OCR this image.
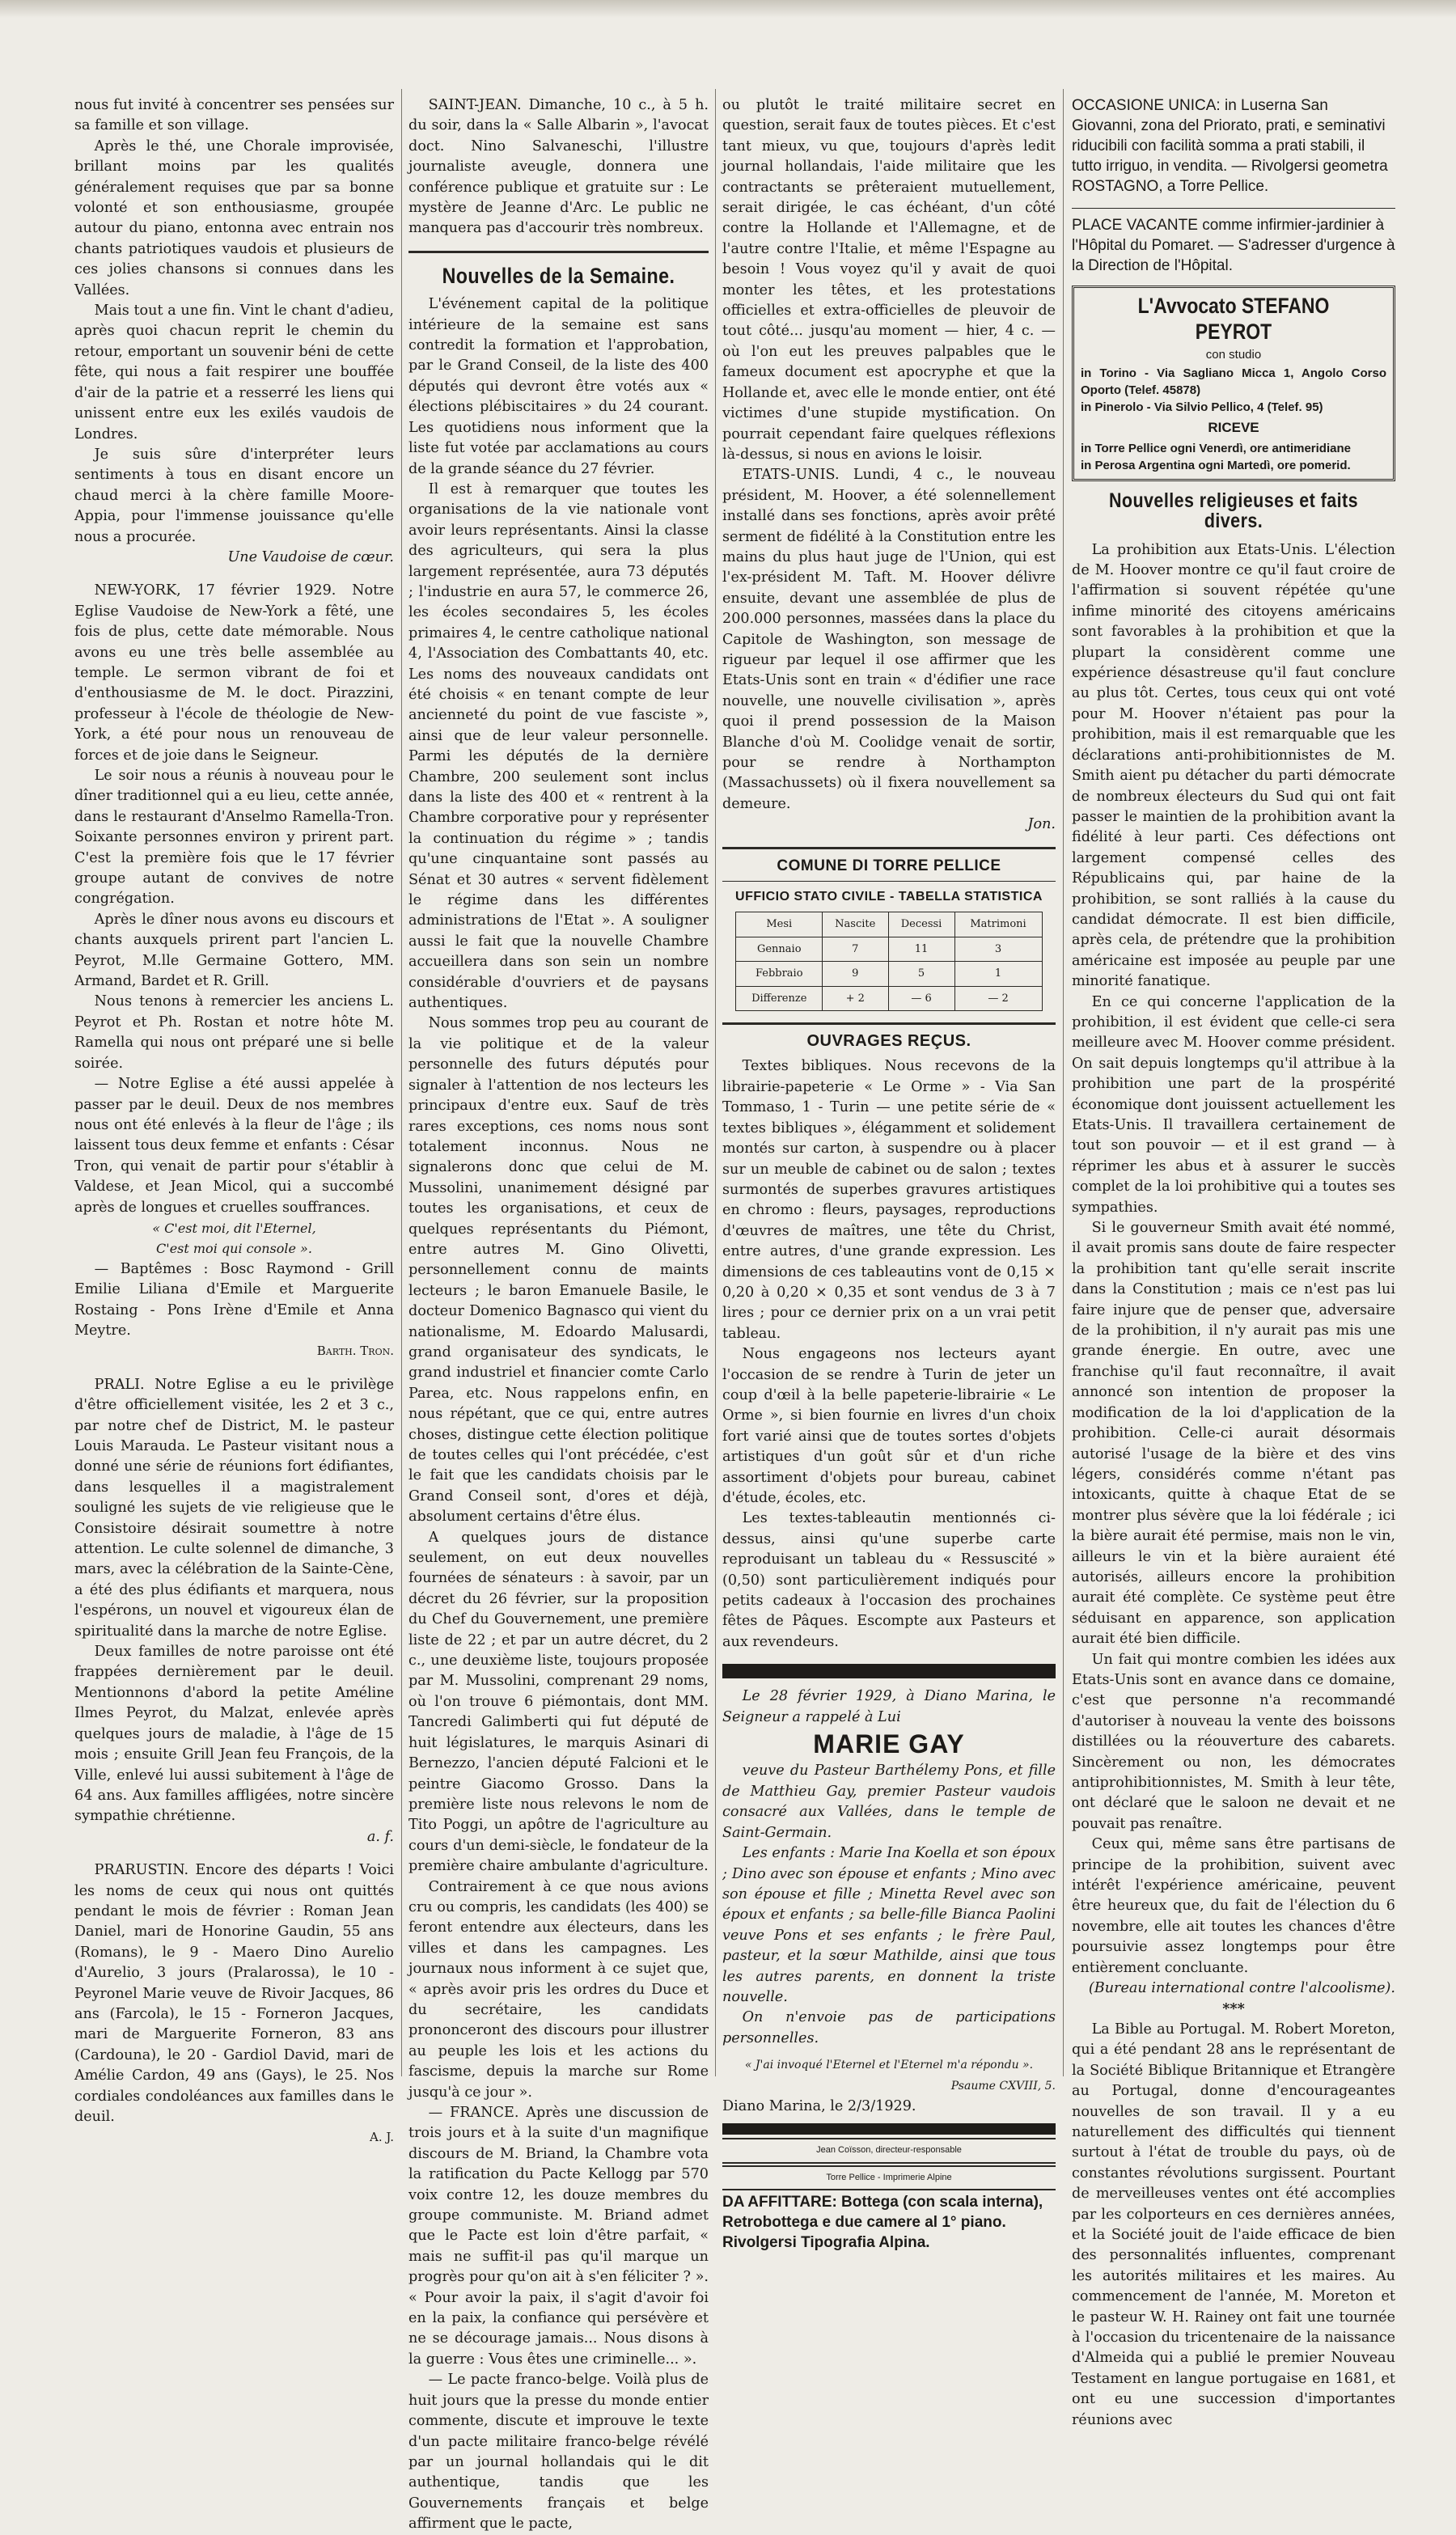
nous fut invité à concentrer ses pensées sur sa famille et son village.

Après le thé, une Chorale improvisée, brillant moins par les qualités généralement requises que par sa bonne volonté et son enthousiasme, groupée autour du piano, entonna avec entrain nos chants patriotiques vaudois et plusieurs de ces jolies chansons si connues dans les Vallées.

Mais tout a une fin. Vint le chant d'adieu, après quoi chacun reprit le chemin du retour, emportant un souvenir béni de cette fête, qui nous a fait respirer une bouffée d'air de la patrie et a resserré les liens qui unissent entre eux les exilés vaudois de Londres.

Je suis sûre d'interpréter leurs sentiments à tous en disant encore un chaud merci à la chère famille Moore-Appia, pour l'immense jouissance qu'elle nous a procurée.

Une Vaudoise de cœur.

NEW-YORK, 17 février 1929. Notre Eglise Vaudoise de New-York a fêté, une fois de plus, cette date mémorable. Nous avons eu une très belle assemblée au temple. Le sermon vibrant de foi et d'enthousiasme de M. le doct. Pirazzini, professeur à l'école de théologie de New-York, a été pour nous un renouveau de forces et de joie dans le Seigneur.

Le soir nous a réunis à nouveau pour le dîner traditionnel qui a eu lieu, cette année, dans le restaurant d'Anselmo Ramella-Tron. Soixante personnes environ y prirent part. C'est la première fois que le 17 février groupe autant de convives de notre congrégation.

Après le dîner nous avons eu discours et chants auxquels prirent part l'ancien L. Peyrot, M.lle Germaine Gottero, MM. Armand, Bardet et R. Grill.

Nous tenons à remercier les anciens L. Peyrot et Ph. Rostan et notre hôte M. Ramella qui nous ont préparé une si belle soirée.

— Notre Eglise a été aussi appelée à passer par le deuil. Deux de nos membres nous ont été enlevés à la fleur de l'âge ; ils laissent tous deux femme et enfants : César Tron, qui venait de partir pour s'établir à Valdese, et Jean Micol, qui a succombé après de longues et cruelles souffrances.

« C'est moi, dit l'Eternel,

C'est moi qui console ».

— Baptêmes : Bosc Raymond - Grill Emilie Liliana d'Emile et Marguerite Rostaing - Pons Irène d'Emile et Anna Meytre.

Barth. Tron.

PRALI. Notre Eglise a eu le privilège d'être officiellement visitée, les 2 et 3 c., par notre chef de District, M. le pasteur Louis Marauda. Le Pasteur visitant nous a donné une série de réunions fort édifiantes, dans lesquelles il a magistralement souligné les sujets de vie religieuse que le Consistoire désirait soumettre à notre attention. Le culte solennel de dimanche, 3 mars, avec la célébration de la Sainte-Cène, a été des plus édifiants et marquera, nous l'espérons, un nouvel et vigoureux élan de spiritualité dans la marche de notre Eglise.

Deux familles de notre paroisse ont été frappées dernièrement par le deuil. Mentionnons d'abord la petite Améline Ilmes Peyrot, du Malzat, enlevée après quelques jours de maladie, à l'âge de 15 mois ; ensuite Grill Jean feu François, de la Ville, enlevé lui aussi subitement à l'âge de 64 ans. Aux familles affligées, notre sincère sympathie chrétienne.

a. f.

PRARUSTIN. Encore des départs ! Voici les noms de ceux qui nous ont quittés pendant le mois de février : Roman Jean Daniel, mari de Honorine Gaudin, 55 ans (Romans), le 9 - Maero Dino Aurelio d'Aurelio, 3 jours (Pralarossa), le 10 - Peyronel Marie veuve de Rivoir Jacques, 86 ans (Farcola), le 15 - Forneron Jacques, mari de Marguerite Forneron, 83 ans (Cardouna), le 20 - Gardiol David, mari de Amélie Cardon, 49 ans (Gays), le 25. Nos cordiales condoléances aux familles dans le deuil.

A. J.

SAINT-JEAN. Dimanche, 10 c., à 5 h. du soir, dans la « Salle Albarin », l'avocat doct. Nino Salvaneschi, l'illustre journaliste aveugle, donnera une conférence publique et gratuite sur : Le mystère de Jeanne d'Arc. Le public ne manquera pas d'accourir très nombreux.

Nouvelles de la Semaine.

L'événement capital de la politique intérieure de la semaine est sans contredit la formation et l'approbation, par le Grand Conseil, de la liste des 400 députés qui devront être votés aux « élections plébiscitaires » du 24 courant. Les quotidiens nous informent que la liste fut votée par acclamations au cours de la grande séance du 27 février.

Il est à remarquer que toutes les organisations de la vie nationale vont avoir leurs représentants. Ainsi la classe des agriculteurs, qui sera la plus largement représentée, aura 73 députés ; l'industrie en aura 57, le commerce 26, les écoles secondaires 5, les écoles primaires 4, le centre catholique national 4, l'Association des Combattants 40, etc. Les noms des nouveaux candidats ont été choisis « en tenant compte de leur ancienneté du point de vue fasciste », ainsi que de leur valeur personnelle. Parmi les députés de la dernière Chambre, 200 seulement sont inclus dans la liste des 400 et « rentrent à la Chambre corporative pour y représenter la continuation du régime » ; tandis qu'une cinquantaine sont passés au Sénat et 30 autres « servent fidèlement le régime dans les différentes administrations de l'Etat ». A souligner aussi le fait que la nouvelle Chambre accueillera dans son sein un nombre considérable d'ouvriers et de paysans authentiques.

Nous sommes trop peu au courant de la vie politique et de la valeur personnelle des futurs députés pour signaler à l'attention de nos lecteurs les principaux d'entre eux. Sauf de très rares exceptions, ces noms nous sont totalement inconnus. Nous ne signalerons donc que celui de M. Mussolini, unanimement désigné par toutes les organisations, et ceux de quelques représentants du Piémont, entre autres M. Gino Olivetti, personnellement connu de maints lecteurs ; le baron Emanuele Basile, le docteur Domenico Bagnasco qui vient du nationalisme, M. Edoardo Malusardi, grand organisateur des syndicats, le grand industriel et financier comte Carlo Parea, etc. Nous rappelons enfin, en nous répétant, que ce qui, entre autres choses, distingue cette élection politique de toutes celles qui l'ont précédée, c'est le fait que les candidats choisis par le Grand Conseil sont, d'ores et déjà, absolument certains d'être élus.

A quelques jours de distance seulement, on eut deux nouvelles fournées de sénateurs : à savoir, par un décret du 26 février, sur la proposition du Chef du Gouvernement, une première liste de 22 ; et par un autre décret, du 2 c., une deuxième liste, toujours proposée par M. Mussolini, comprenant 29 noms, où l'on trouve 6 piémontais, dont MM. Tancredi Galimberti qui fut député de huit législatures, le marquis Asinari di Bernezzo, l'ancien député Falcioni et le peintre Giacomo Grosso. Dans la première liste nous relevons le nom de Tito Poggi, un apôtre de l'agriculture au cours d'un demi-siècle, le fondateur de la première chaire ambulante d'agriculture.

Contrairement à ce que nous avions cru ou compris, les candidats (les 400) se feront entendre aux électeurs, dans les villes et dans les campagnes. Les journaux nous informent à ce sujet que, « après avoir pris les ordres du Duce et du secrétaire, les candidats prononceront des discours pour illustrer au peuple les lois et les actions du fascisme, depuis la marche sur Rome jusqu'à ce jour ».

— FRANCE. Après une discussion de trois jours et à la suite d'un magnifique discours de M. Briand, la Chambre vota la ratification du Pacte Kellogg par 570 voix contre 12, les douze membres du groupe communiste. M. Briand admet que le Pacte est loin d'être parfait, « mais ne suffit-il pas qu'il marque un progrès pour qu'on ait à s'en féliciter ? ». « Pour avoir la paix, il s'agit d'avoir foi en la paix, la confiance qui persévère et ne se décourage jamais... Nous disons à la guerre : Vous êtes une criminelle... ».

— Le pacte franco-belge. Voilà plus de huit jours que la presse du monde entier commente, discute et improuve le texte d'un pacte militaire franco-belge révélé par un journal hollandais qui le dit authentique, tandis que les Gouvernements français et belge affirment que le pacte,

ou plutôt le traité militaire secret en question, serait faux de toutes pièces. Et c'est tant mieux, vu que, toujours d'après ledit journal hollandais, l'aide militaire que les contractants se prêteraient mutuellement, serait dirigée, le cas échéant, d'un côté contre la Hollande et l'Allemagne, et de l'autre contre l'Italie, et même l'Espagne au besoin ! Vous voyez qu'il y avait de quoi monter les têtes, et les protestations officielles et extra-officielles de pleuvoir de tout côté... jusqu'au moment — hier, 4 c. — où l'on eut les preuves palpables que le fameux document est apocryphe et que la Hollande et, avec elle le monde entier, ont été victimes d'une stupide mystification. On pourrait cependant faire quelques réflexions là-dessus, si nous en avions le loisir.

ETATS-UNIS. Lundi, 4 c., le nouveau président, M. Hoover, a été solennellement installé dans ses fonctions, après avoir prêté serment de fidélité à la Constitution entre les mains du plus haut juge de l'Union, qui est l'ex-président M. Taft. M. Hoover délivre ensuite, devant une assemblée de plus de 200.000 personnes, massées dans la place du Capitole de Washington, son message de rigueur par lequel il ose affirmer que les Etats-Unis sont en train « d'édifier une race nouvelle, une nouvelle civilisation », après quoi il prend possession de la Maison Blanche d'où M. Coolidge venait de sortir, pour se rendre à Northampton (Massachussets) où il fixera nouvellement sa demeure.

Jon.

COMUNE DI TORRE PELLICE
UFFICIO STATO CIVILE - TABELLA STATISTICA
Mesi	Nascite	Decessi	Matrimoni
Gennaio	7	11	3
Febbraio	9	5	1
Differenze	+ 2	— 6	— 2
OUVRAGES REÇUS.

Textes bibliques. Nous recevons de la librairie-papeterie « Le Orme » - Via San Tommaso, 1 - Turin — une petite série de « textes bibliques », élégamment et solidement montés sur carton, à suspendre ou à placer sur un meuble de cabinet ou de salon ; textes surmontés de superbes gravures artistiques en chromo : fleurs, paysages, reproductions d'œuvres de maîtres, une tête du Christ, entre autres, d'une grande expression. Les dimensions de ces tableautins vont de 0,15 × 0,20 à 0,20 × 0,35 et sont vendus de 3 à 7 lires ; pour ce dernier prix on a un vrai petit tableau.

Nous engageons nos lecteurs ayant l'occasion de se rendre à Turin de jeter un coup d'œil à la belle papeterie-librairie « Le Orme », si bien fournie en livres d'un choix fort varié ainsi que de toutes sortes d'objets artistiques d'un goût sûr et d'un riche assortiment d'objets pour bureau, cabinet d'étude, écoles, etc.

Les textes-tableautin mentionnés ci-dessus, ainsi qu'une superbe carte reproduisant un tableau du « Ressuscité » (0,50) sont particulièrement indiqués pour petits cadeaux à l'occasion des prochaines fêtes de Pâques. Escompte aux Pasteurs et aux revendeurs.

Le 28 février 1929, à Diano Marina, le Seigneur a rappelé à Lui

MARIE GAY

veuve du Pasteur Barthélemy Pons, et fille de Matthieu Gay, premier Pasteur vaudois consacré aux Vallées, dans le temple de Saint-Germain.

Les enfants : Marie Ina Koella et son époux ; Dino avec son épouse et enfants ; Mino avec son épouse et fille ; Minetta Revel avec son époux et enfants ; sa belle-fille Bianca Paolini veuve Pons et ses enfants ; le frère Paul, pasteur, et la sœur Mathilde, ainsi que tous les autres parents, en donnent la triste nouvelle.

On n'envoie pas de participations personnelles.

« J'ai invoqué l'Eternel et l'Eternel m'a répondu ».

Psaume CXVIII, 5.

Diano Marina, le 2/3/1929.

Jean Coïsson, directeur-responsable
Torre Pellice - Imprimerie Alpine

DA AFFITTARE: Bottega (con scala interna), Retrobottega e due camere al 1° piano. Rivolgersi Tipografia Alpina.

OCCASIONE UNICA: in Luserna San Giovanni, zona del Priorato, prati, e seminativi riducibili con facilità somma a prati stabili, il tutto irriguo, in vendita. — Rivolgersi geometra ROSTAGNO, a Torre Pellice.

PLACE VACANTE comme infirmier-jardinier à l'Hôpital du Pomaret. — S'adresser d'urgence à la Direction de l'Hôpital.

L'Avvocato STEFANO PEYROT
con studio
in Torino - Via Sagliano Micca 1, Angolo Corso Oporto (Telef. 45878)
in Pinerolo - Via Silvio Pellico, 4 (Telef. 95)
RICEVE
in Torre Pellice ogni Venerdì, ore antimeridiane
in Perosa Argentina ogni Martedì, ore pomerid.
Nouvelles religieuses et faits divers.

La prohibition aux Etats-Unis. L'élection de M. Hoover montre ce qu'il faut croire de l'affirmation si souvent répétée qu'une infime minorité des citoyens américains sont favorables à la prohibition et que la plupart la considèrent comme une expérience désastreuse qu'il faut conclure au plus tôt. Certes, tous ceux qui ont voté pour M. Hoover n'étaient pas pour la prohibition, mais il est remarquable que les déclarations anti-prohibitionnistes de M. Smith aient pu détacher du parti démocrate de nombreux électeurs du Sud qui ont fait passer le maintien de la prohibition avant la fidélité à leur parti. Ces défections ont largement compensé celles des Républicains qui, par haine de la prohibition, se sont ralliés à la cause du candidat démocrate. Il est bien difficile, après cela, de prétendre que la prohibition américaine est imposée au peuple par une minorité fanatique.

En ce qui concerne l'application de la prohibition, il est évident que celle-ci sera meilleure avec M. Hoover comme président. On sait depuis longtemps qu'il attribue à la prohibition une part de la prospérité économique dont jouissent actuellement les Etats-Unis. Il travaillera certainement de tout son pouvoir — et il est grand — à réprimer les abus et à assurer le succès complet de la loi prohibitive qui a toutes ses sympathies.

Si le gouverneur Smith avait été nommé, il avait promis sans doute de faire respecter la prohibition tant qu'elle serait inscrite dans la Constitution ; mais ce n'est pas lui faire injure que de penser que, adversaire de la prohibition, il n'y aurait pas mis une grande énergie. En outre, avec une franchise qu'il faut reconnaître, il avait annoncé son intention de proposer la modification de la loi d'application de la prohibition. Celle-ci aurait désormais autorisé l'usage de la bière et des vins légers, considérés comme n'étant pas intoxicants, quitte à chaque Etat de se montrer plus sévère que la loi fédérale ; ici la bière aurait été permise, mais non le vin, ailleurs le vin et la bière auraient été autorisés, ailleurs encore la prohibition aurait été complète. Ce système peut être séduisant en apparence, son application aurait été bien difficile.

Un fait qui montre combien les idées aux Etats-Unis sont en avance dans ce domaine, c'est que personne n'a recommandé d'autoriser à nouveau la vente des boissons distillées ou la réouverture des cabarets. Sincèrement ou non, les démocrates antiprohibitionnistes, M. Smith à leur tête, ont déclaré que le saloon ne devait et ne pouvait pas renaître.

Ceux qui, même sans être partisans de principe de la prohibition, suivent avec intérêt l'expérience américaine, peuvent être heureux que, du fait de l'élection du 6 novembre, elle ait toutes les chances d'être poursuivie assez longtemps pour être entièrement concluante.

(Bureau international contre l'alcoolisme).

***

La Bible au Portugal. M. Robert Moreton, qui a été pendant 28 ans le représentant de la Société Biblique Britannique et Etrangère au Portugal, donne d'encourageantes nouvelles de son travail. Il y a eu naturellement des difficultés qui tiennent surtout à l'état de trouble du pays, où de constantes révolutions surgissent. Pourtant de merveilleuses ventes ont été accomplies par les colporteurs en ces dernières années, et la Société jouit de l'aide efficace de bien des personnalités influentes, comprenant les autorités militaires et les maires. Au commencement de l'année, M. Moreton et le pasteur W. H. Rainey ont fait une tournée à l'occasion du tricentenaire de la naissance d'Almeida qui a publié le premier Nouveau Testament en langue portugaise en 1681, et ont eu une succession d'importantes réunions avec
